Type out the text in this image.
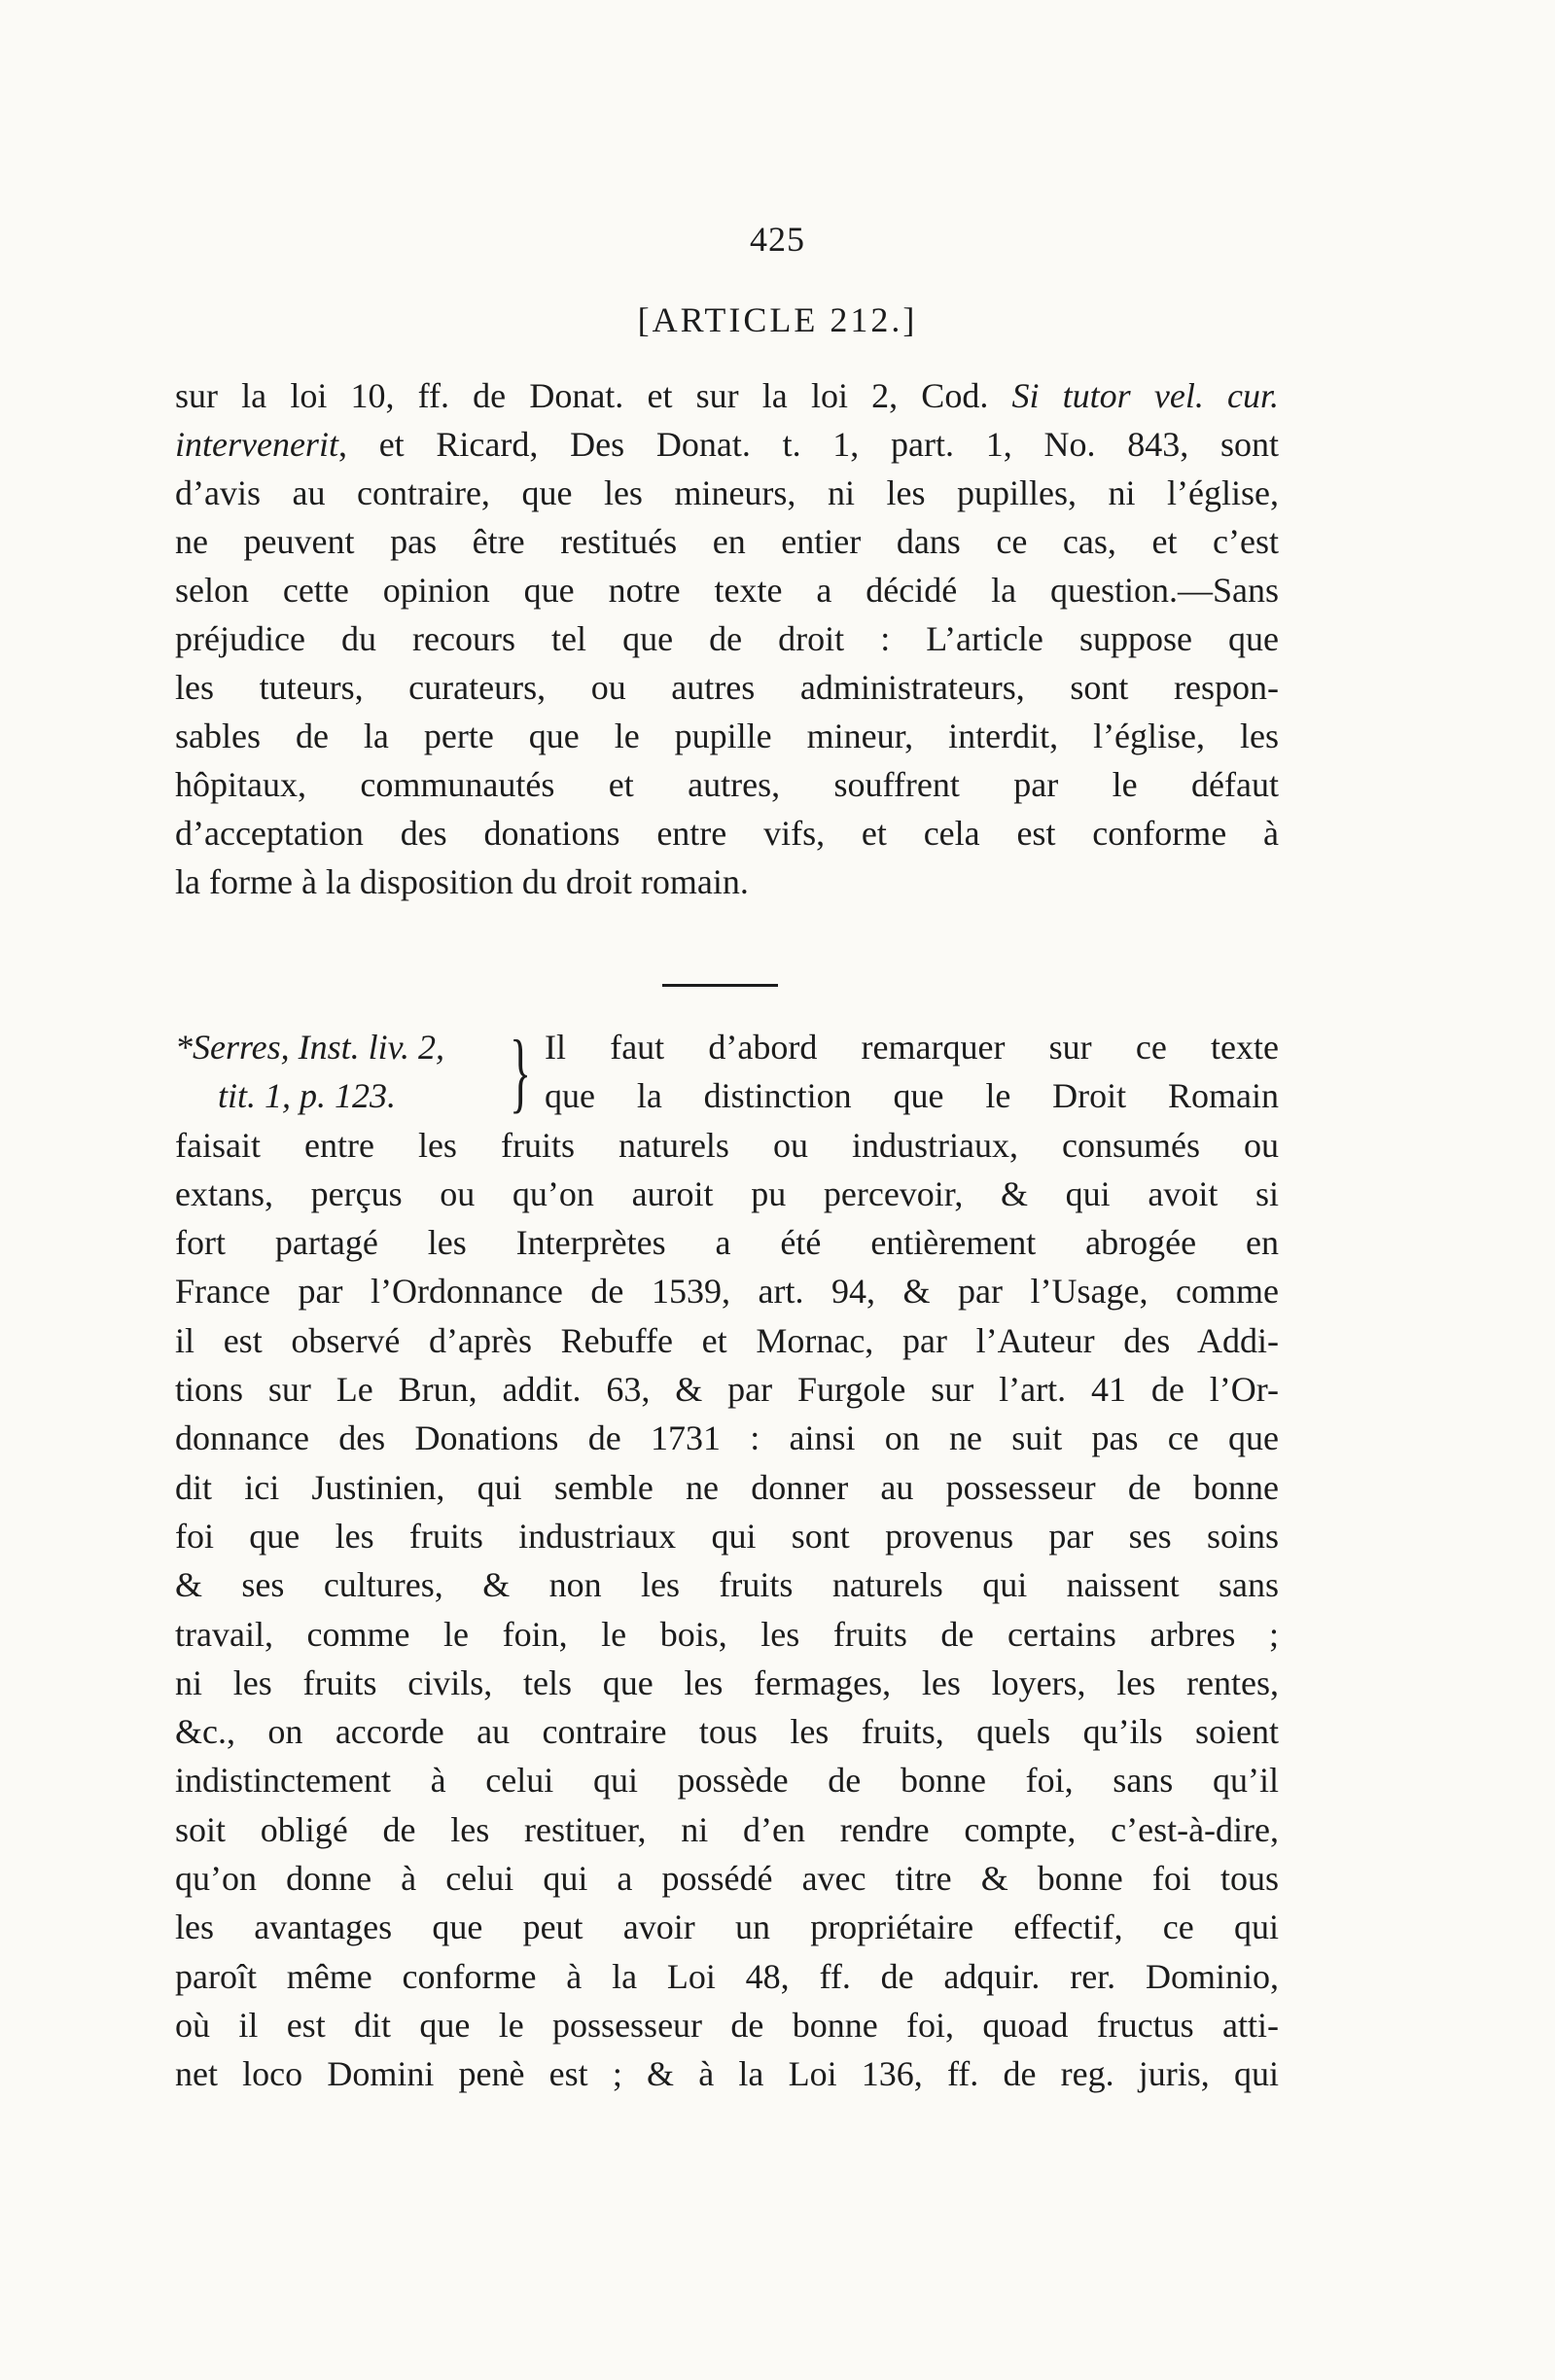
425
[ARTICLE 212.]
sur la loi 10, ff. de Donat. et sur la loi 2, Cod. Si tutor vel. cur.
intervenerit, et Ricard, Des Donat. t. 1, part. 1, No. 843, sont
d’avis au contraire, que les mineurs, ni les pupilles, ni l’église,
ne peuvent pas être restitués en entier dans ce cas, et c’est
selon cette opinion que notre texte a décidé la question.—Sans
préjudice du recours tel que de droit : L’article suppose que
les tuteurs, curateurs, ou autres administrateurs, sont respon-
sables de la perte que le pupille mineur, interdit, l’église, les
hôpitaux, communautés et autres, souffrent par le défaut
d’acceptation des donations entre vifs, et cela est conforme à
la forme à la disposition du droit romain.
*Serres, Inst. liv. 2,
tit. 1, p. 123.	}	Il faut d’abord remarquer sur ce texte
que la distinction que le Droit Romain
faisait entre les fruits naturels ou industriaux, consumés ou
extans, perçus ou qu’on auroit pu percevoir, & qui avoit si
fort partagé les Interprètes a été entièrement abrogée en
France par l’Ordonnance de 1539, art. 94, & par l’Usage, comme
il est observé d’après Rebuffe et Mornac, par l’Auteur des Addi-
tions sur Le Brun, addit. 63, & par Furgole sur l’art. 41 de l’Or-
donnance des Donations de 1731 : ainsi on ne suit pas ce que
dit ici Justinien, qui semble ne donner au possesseur de bonne
foi que les fruits industriaux qui sont provenus par ses soins
& ses cultures, & non les fruits naturels qui naissent sans
travail, comme le foin, le bois, les fruits de certains arbres ;
ni les fruits civils, tels que les fermages, les loyers, les rentes,
&c., on accorde au contraire tous les fruits, quels qu’ils soient
indistinctement à celui qui possède de bonne foi, sans qu’il
soit obligé de les restituer, ni d’en rendre compte, c’est-à-dire,
qu’on donne à celui qui a possédé avec titre & bonne foi tous
les avantages que peut avoir un propriétaire effectif, ce qui
paroît même conforme à la Loi 48, ff. de adquir. rer. Dominio,
où il est dit que le possesseur de bonne foi, quoad fructus atti-
net loco Domini penè est ; & à la Loi 136, ff. de reg. juris, qui
